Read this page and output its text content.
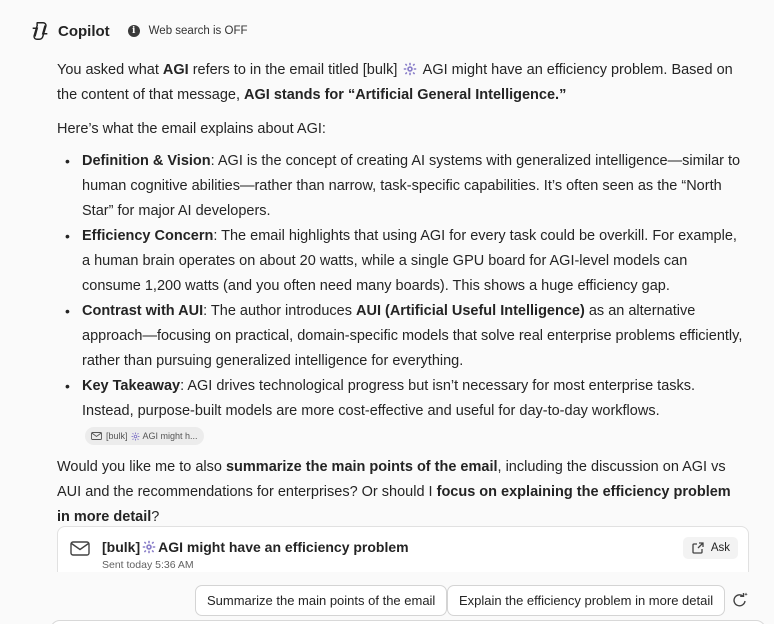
Copilot	i	Web search is OFF

You asked what AGI refers to in the email titled [bulk]  AGI might have an efficiency problem. Based on the content of that message, AGI stands for “Artificial General Intelligence.”

Here’s what the email explains about AGI:

• Definition & Vision: AGI is the concept of creating AI systems with generalized intelligence—similar to human cognitive abilities—rather than narrow, task-specific capabilities. It’s often seen as the “North Star” for major AI developers.
• Efficiency Concern: The email highlights that using AGI for every task could be overkill. For example, a human brain operates on about 20 watts, while a single GPU board for AGI-level models can consume 1,200 watts (and you often need many boards). This shows a huge efficiency gap.
• Contrast with AUI: The author introduces AUI (Artificial Useful Intelligence) as an alternative approach—focusing on practical, domain-specific models that solve real enterprise problems efficiently, rather than pursuing generalized intelligence for everything.
• Key Takeaway: AGI drives technological progress but isn’t necessary for most enterprise tasks. Instead, purpose-built models are more cost-effective and useful for day-to-day workflows.
[bulk] AGI might h...

Would you like me to also summarize the main points of the email, including the discussion on AGI vs AUI and the recommendations for enterprises? Or should I focus on explaining the efficiency problem in more detail?

[bulk] AGI might have an efficiency problem
Sent today 5:36 AM
Ask
Summarize the main points of the email	Explain the efficiency problem in more detail
